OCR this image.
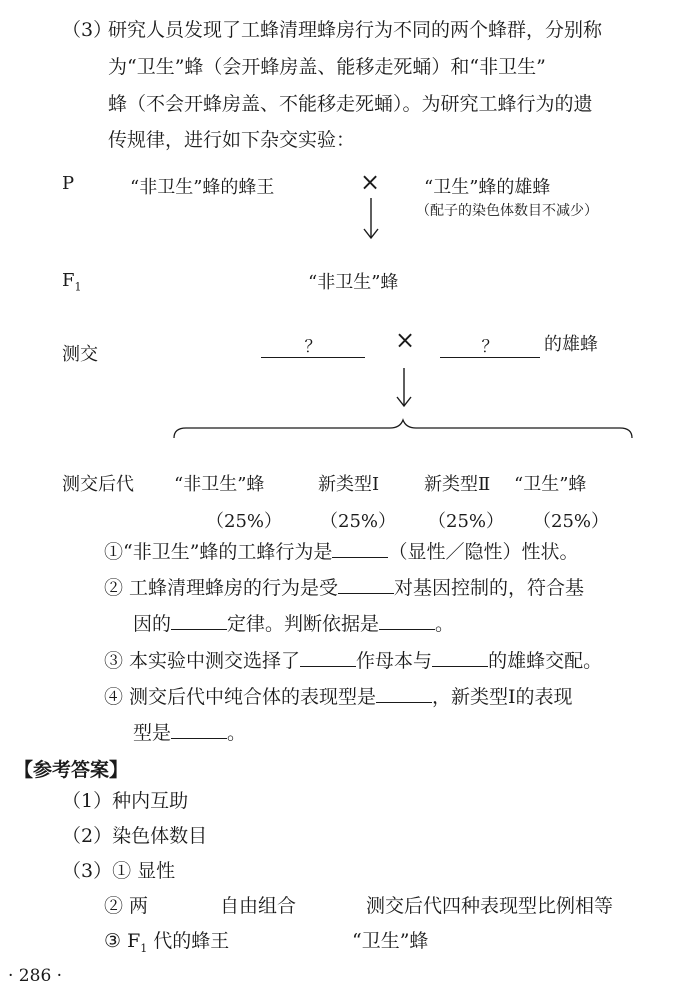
（3）
研究人员发现了工蜂清理蜂房行为不同的两个蜂群，分别称
为“卫生”蜂（会开蜂房盖、能移走死蛹）和“非卫生”
蜂（不会开蜂房盖、不能移走死蛹）。为研究工蜂行为的遗
传规律，进行如下杂交实验：
P	“非卫生”蜂的蜂王	× “卫生”蜂的雄蜂
（配子的染色体数目不减少）
$F_1$	“非卫生”蜂
测交	？	×	？	的雄蜂
测交后代 “非卫生”蜂	新类型Ⅰ 新类型Ⅱ “卫生”蜂
（25%） （25%） （25%） （25%）
①“非卫生”蜂的工蜂行为是	（显性／隐性）性状。
② 工蜂清理蜂房的行为是受	对基因控制的，符合基
因的	定律。判断依据是	。
③ 本实验中测交选择了	作母本与	的雄蜂交配。
④ 测交后代中纯合体的表现型是	，新类型Ⅰ的表现
型是	。
【参考答案】
（1）种内互助
（2）染色体数目
（3）① 显性
② 两	自由组合	测交后代四种表现型比例相等
③ $F_1$ 代的蜂王	“卫生”蜂
· 286 ·
